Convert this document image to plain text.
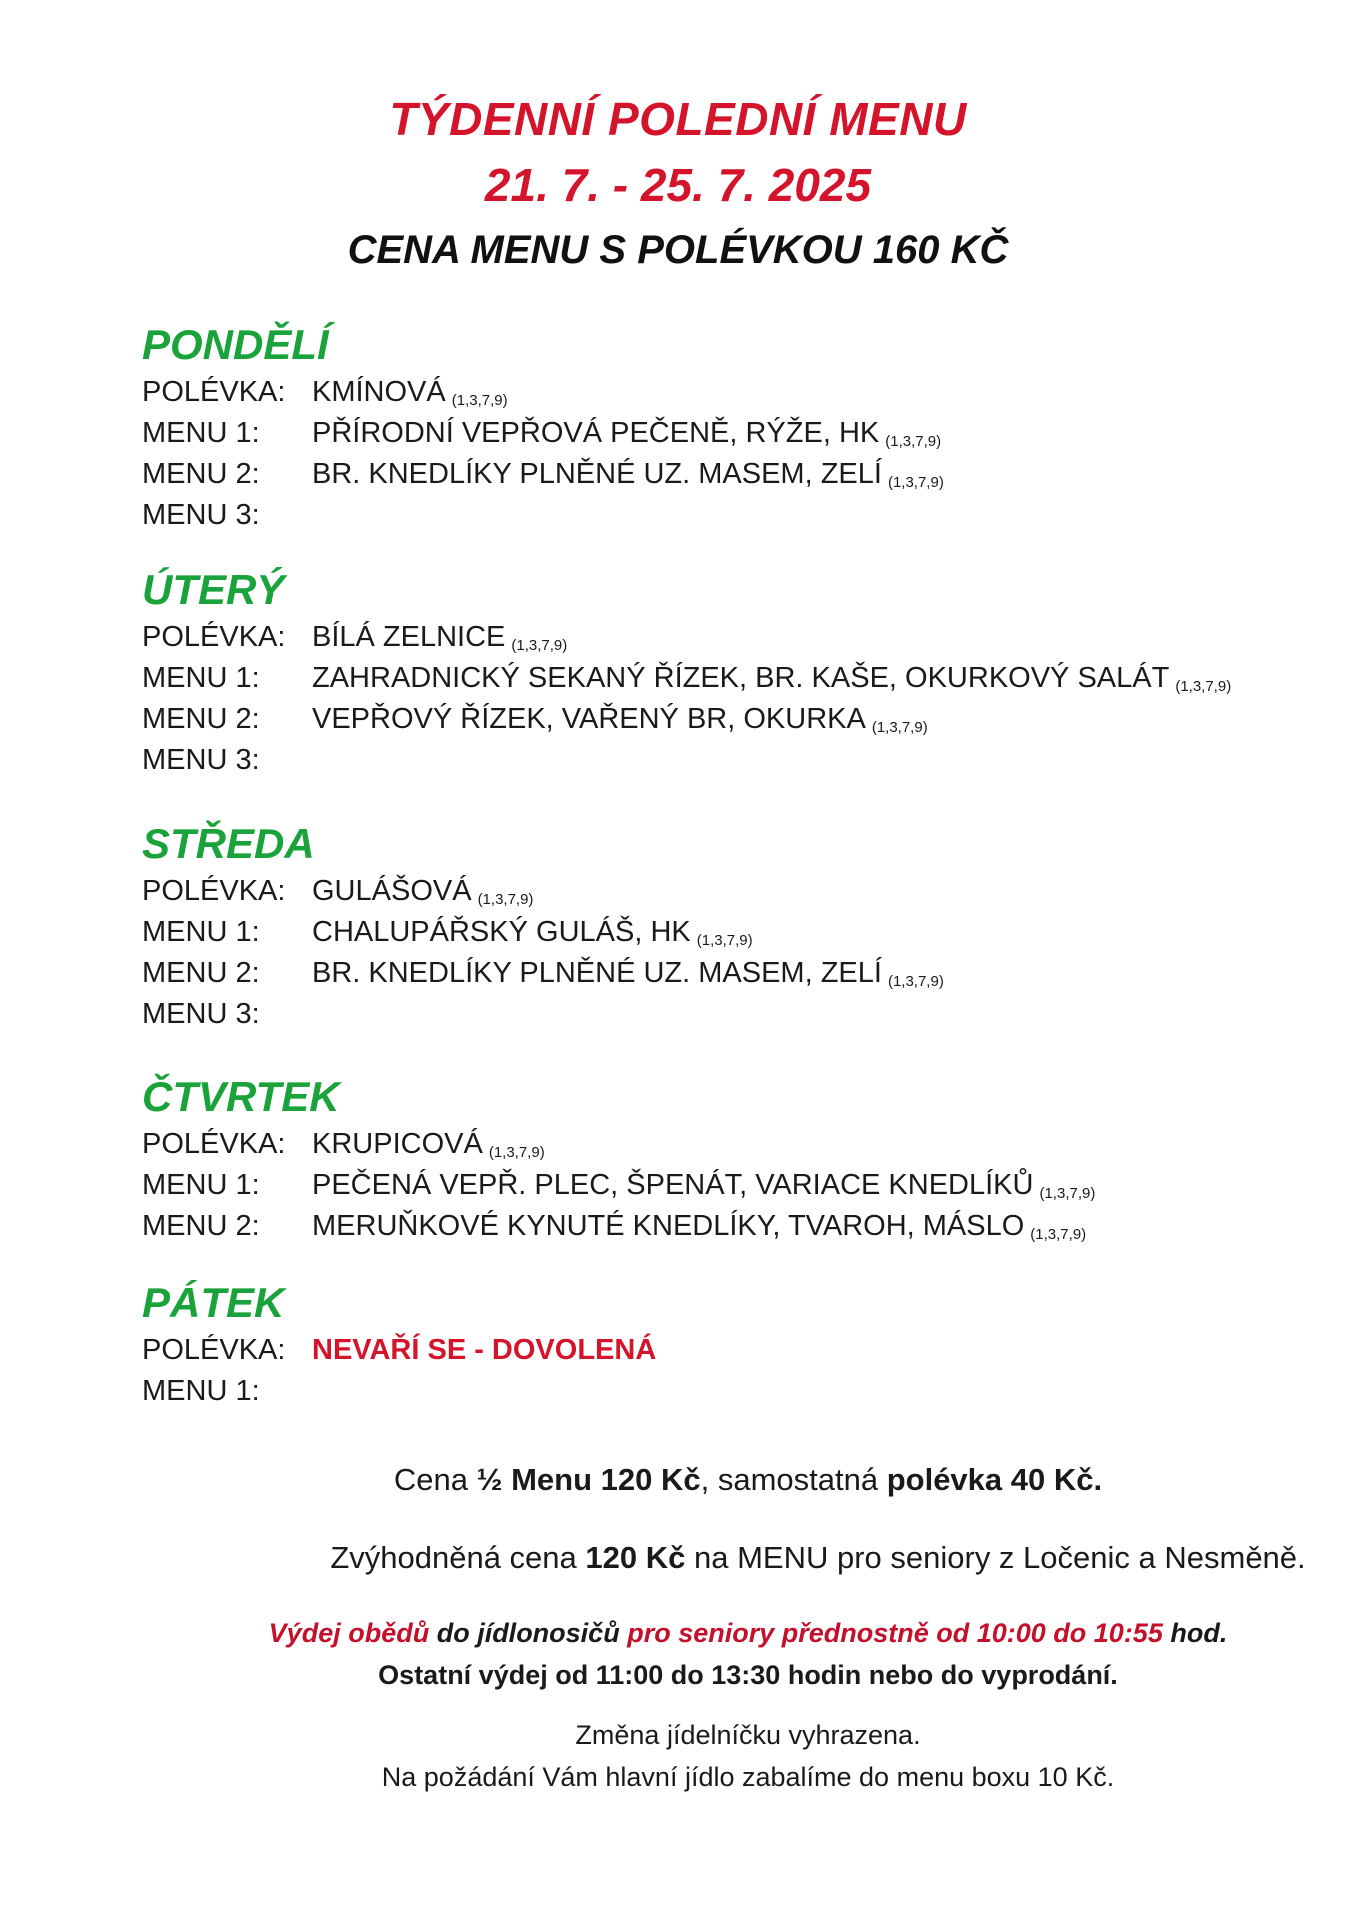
TÝDENNÍ POLEDNÍ MENU
21. 7. - 25. 7. 2025
CENA MENU S POLÉVKOU 160 KČ
PONDĚLÍ
POLÉVKA: KMÍNOVÁ (1,3,7,9)
MENU 1:	PŘÍRODNÍ VEPŘOVÁ PEČENĚ, RÝŽE, HK (1,3,7,9)
MENU 2:	BR. KNEDLÍKY PLNĚNÉ UZ. MASEM, ZELÍ (1,3,7,9)
MENU 3:
ÚTERÝ
POLÉVKA: BÍLÁ ZELNICE (1,3,7,9)
MENU 1:	ZAHRADNICKÝ SEKANÝ ŘÍZEK, BR. KAŠE, OKURKOVÝ SALÁT (1,3,7,9)
MENU 2:	VEPŘOVÝ ŘÍZEK, VAŘENÝ BR, OKURKA (1,3,7,9)
MENU 3:
STŘEDA
POLÉVKA: GULÁŠOVÁ (1,3,7,9)
MENU 1:	CHALUPÁŘSKÝ GULÁŠ, HK (1,3,7,9)
MENU 2:	BR. KNEDLÍKY PLNĚNÉ UZ. MASEM, ZELÍ (1,3,7,9)
MENU 3:
ČTVRTEK
POLÉVKA: KRUPICOVÁ (1,3,7,9)
MENU 1:	PEČENÁ VEPŘ. PLEC, ŠPENÁT, VARIACE KNEDLÍKŮ (1,3,7,9)
MENU 2:	MERUŇKOVÉ KYNUTÉ KNEDLÍKY, TVAROH, MÁSLO (1,3,7,9)
PÁTEK
POLÉVKA: NEVAŘÍ SE - DOVOLENÁ
MENU 1:
Cena ½ Menu 120 Kč, samostatná polévka 40 Kč.
Zvýhodněná cena 120 Kč na MENU pro seniory z Ločenic a Nesměně.
Výdej obědů do jídlonosičů pro seniory přednostně od 10:00 do 10:55 hod.
Ostatní výdej od 11:00 do 13:30 hodin nebo do vyprodání.
Změna jídelníčku vyhrazena.
Na požádání Vám hlavní jídlo zabalíme do menu boxu 10 Kč.
